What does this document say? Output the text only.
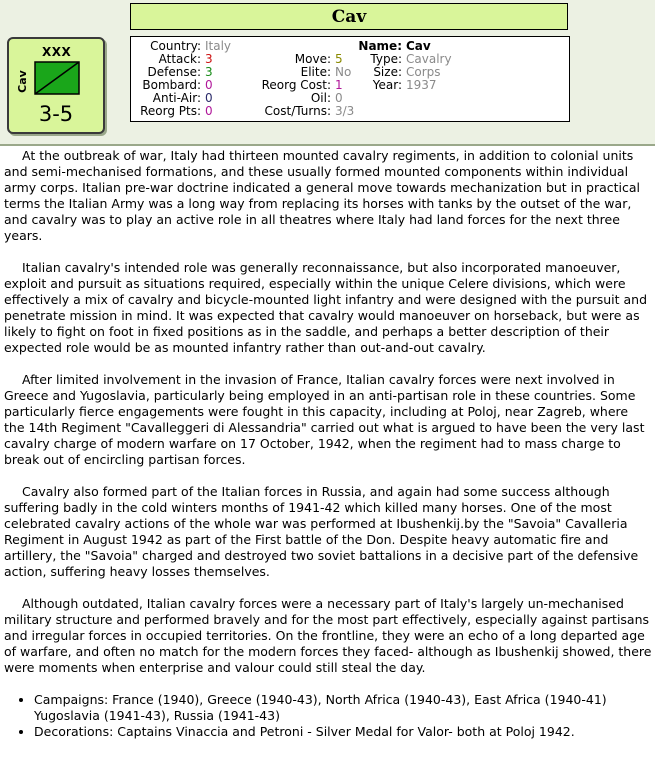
Cav
XXX
Cav
3-5
Country: Italy
Attack: 3
Defense: 3
Bombard: 0
Anti-Air: 0
Reorg Pts: 0
Move: 5
Elite: No
Reorg Cost: 1
Oil: 0
Cost/Turns: 3/3
Name: Cav
Type: Cavalry
Size: Corps
Year: 1937

At the outbreak of war, Italy had thirteen mounted cavalry regiments, in addition to colonial units and semi-mechanised formations, and these usually formed mounted components within individual army corps. Italian pre-war doctrine indicated a general move towards mechanization but in practical terms the Italian Army was a long way from replacing its horses with tanks by the outset of the war, and cavalry was to play an active role in all theatres where Italy had land forces for the next three years.

Italian cavalry's intended role was generally reconnaissance, but also incorporated manoeuver, exploit and pursuit as situations required, especially within the unique Celere divisions, which were effectively a mix of cavalry and bicycle-mounted light infantry and were designed with the pursuit and penetrate mission in mind. It was expected that cavalry would manoeuver on horseback, but were as likely to fight on foot in fixed positions as in the saddle, and perhaps a better description of their expected role would be as mounted infantry rather than out-and-out cavalry.

After limited involvement in the invasion of France, Italian cavalry forces were next involved in Greece and Yugoslavia, particularly being employed in an anti-partisan role in these countries. Some particularly fierce engagements were fought in this capacity, including at Poloj, near Zagreb, where the 14th Regiment "Cavalleggeri di Alessandria" carried out what is argued to have been the very last cavalry charge of modern warfare on 17 October, 1942, when the regiment had to mass charge to break out of encircling partisan forces.

Cavalry also formed part of the Italian forces in Russia, and again had some success although suffering badly in the cold winters months of 1941-42 which killed many horses. One of the most celebrated cavalry actions of the whole war was performed at Ibushenkij.by the "Savoia" Cavalleria Regiment in August 1942 as part of the First battle of the Don. Despite heavy automatic fire and artillery, the "Savoia" charged and destroyed two soviet battalions in a decisive part of the defensive action, suffering heavy losses themselves.

Although outdated, Italian cavalry forces were a necessary part of Italy's largely un-mechanised military structure and performed bravely and for the most part effectively, especially against partisans and irregular forces in occupied territories. On the frontline, they were an echo of a long departed age of warfare, and often no match for the modern forces they faced- although as Ibushenkij showed, there were moments when enterprise and valour could still steal the day.

• Campaigns: France (1940), Greece (1940-43), North Africa (1940-43), East Africa (1940-41) Yugoslavia (1941-43), Russia (1941-43)
• Decorations: Captains Vinaccia and Petroni - Silver Medal for Valor- both at Poloj 1942.
